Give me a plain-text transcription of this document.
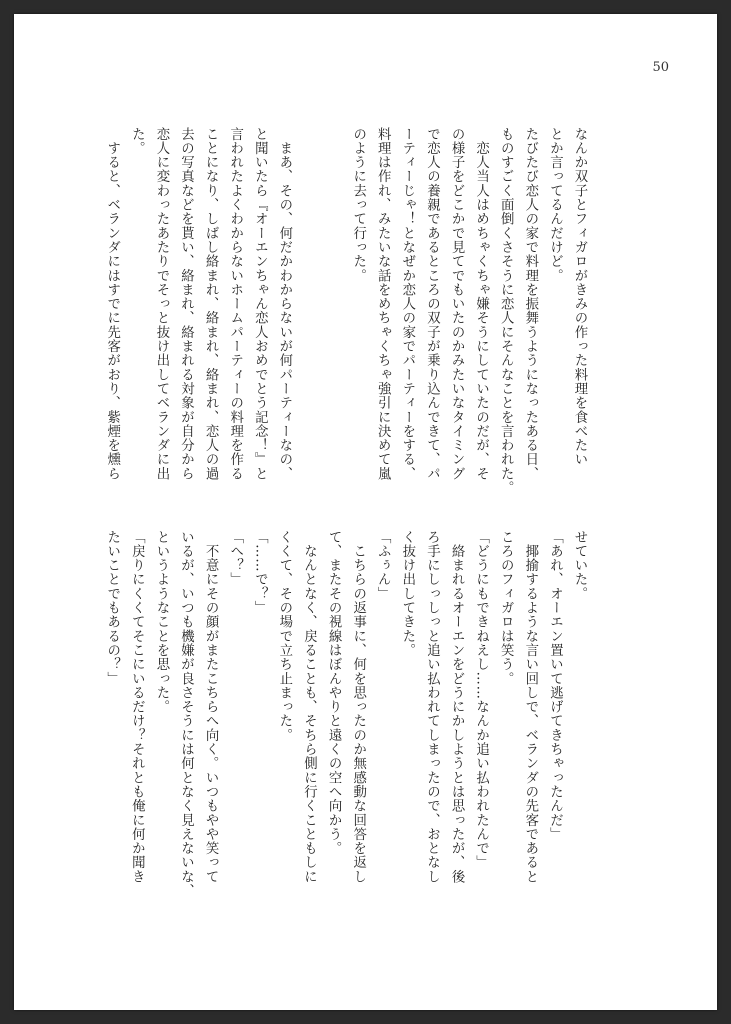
50

なんか双子とフィガロがきみの作った料理を食べたい

とか言ってるんだけど。

たびたび恋人の家で料理を振舞うようになったある日、

ものすごく面倒くさそうに恋人にそんなことを言われた。

　恋人当人はめちゃくちゃ嫌そうにしていたのだが、そ

の様子をどこかで見てでもいたのかみたいなタイミング

で恋人の養親であるところの双子が乗り込んできて、パ

ーティーじゃ！となぜか恋人の家でパーティーをする、

料理は作れ、みたいな話をめちゃくちゃ強引に決めて嵐

のように去って行った。

　まあ、その、何だかわからないが何パーティーなの、

と聞いたら『オーエンちゃん恋人おめでとう記念！』と

言われたよくわからないホームパーティーの料理を作る

ことになり、しばし絡まれ、絡まれ、絡まれ、恋人の過

去の写真などを貰い、絡まれ、絡まれる対象が自分から

恋人に変わったあたりでそっと抜け出してベランダに出

た。

　すると、ベランダにはすでに先客がおり、紫煙を燻ら

せていた。

「あれ、オーエン置いて逃げてきちゃったんだ」

　揶揄するような言い回しで、ベランダの先客であると

ころのフィガロは笑う。

「どうにもできねえし……なんか追い払われたんで」

　絡まれるオーエンをどうにかしようとは思ったが、後

ろ手にしっしっと追い払われてしまったので、おとなし

く抜け出してきた。

「ふぅん」

　こちらの返事に、何を思ったのか無感動な回答を返し

て、またその視線はぼんやりと遠くの空へ向かう。

　なんとなく、戻ることも、そちら側に行くこともしに

くくて、その場で立ち止まった。

「……で？」

「へ？」

　不意にその顔がまたこちらへ向く。いつもやや笑って

いるが、いつも機嫌が良さそうには何となく見えないな、

というようなことを思った。

「戻りにくくてそこにいるだけ？それとも俺に何か聞き

たいことでもあるの？」
